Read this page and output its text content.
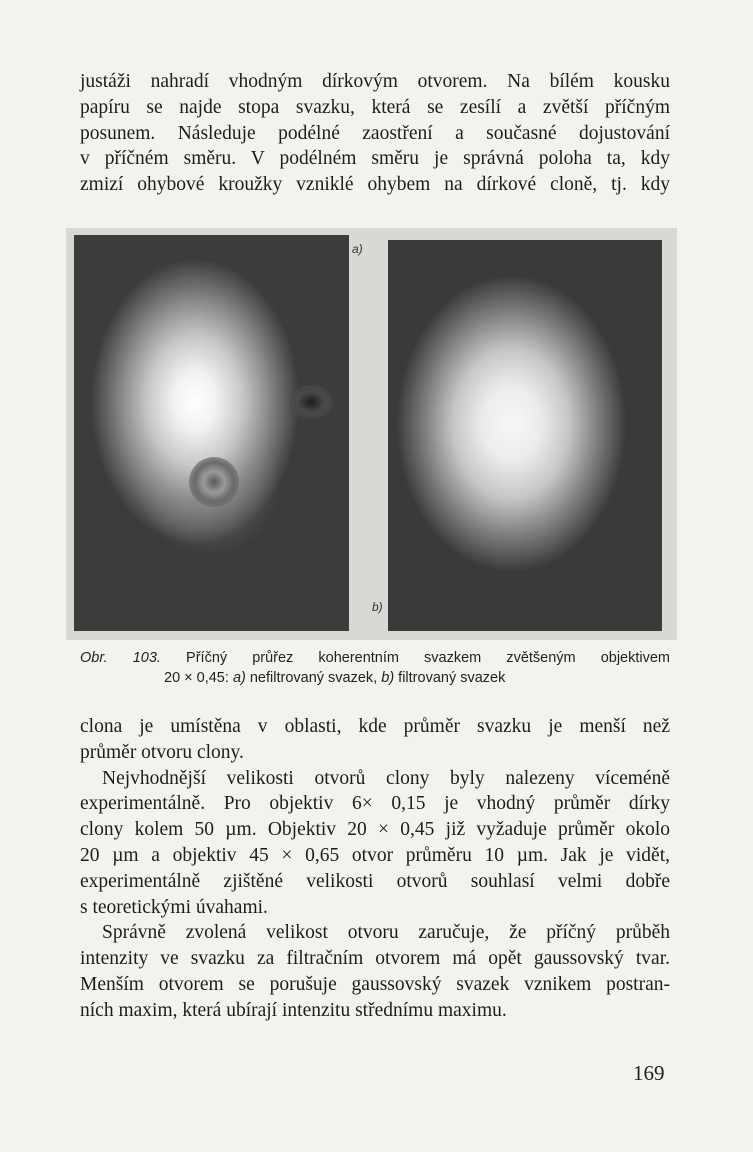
justáži nahradí vhodným dírkovým otvorem. Na bílém kousku
papíru se najde stopa svazku, která se zesílí a zvětší příčným
posunem. Následuje podélné zaostření a současné dojustování
v příčném směru. V podélném směru je správná poloha ta, kdy
zmizí ohybové kroužky vzniklé ohybem na dírkové cloně, tj. kdy

a)
b)
Obr. 103. Příčný průřez koherentním svazkem zvětšeným objektivem
20 × 0,45: a) nefiltrovaný svazek, b) filtrovaný svazek

clona je umístěna v oblasti, kde průměr svazku je menší než
průměr otvoru clony.

Nejvhodnější velikosti otvorů clony byly nalezeny víceméně

experimentálně. Pro objektiv 6× 0,15 je vhodný průměr dírky
clony kolem 50 µm. Objektiv 20 × 0,45 již vyžaduje průměr okolo
20 µm a objektiv 45 × 0,65 otvor průměru 10 µm. Jak je vidět,
experimentálně zjištěné velikosti otvorů souhlasí velmi dobře
s teoretickými úvahami.

Správně zvolená velikost otvoru zaručuje, že příčný průběh

intenzity ve svazku za filtračním otvorem má opět gaussovský tvar.
Menším otvorem se porušuje gaussovský svazek vznikem postran-
ních maxim, která ubírají intenzitu střednímu maximu.

169
